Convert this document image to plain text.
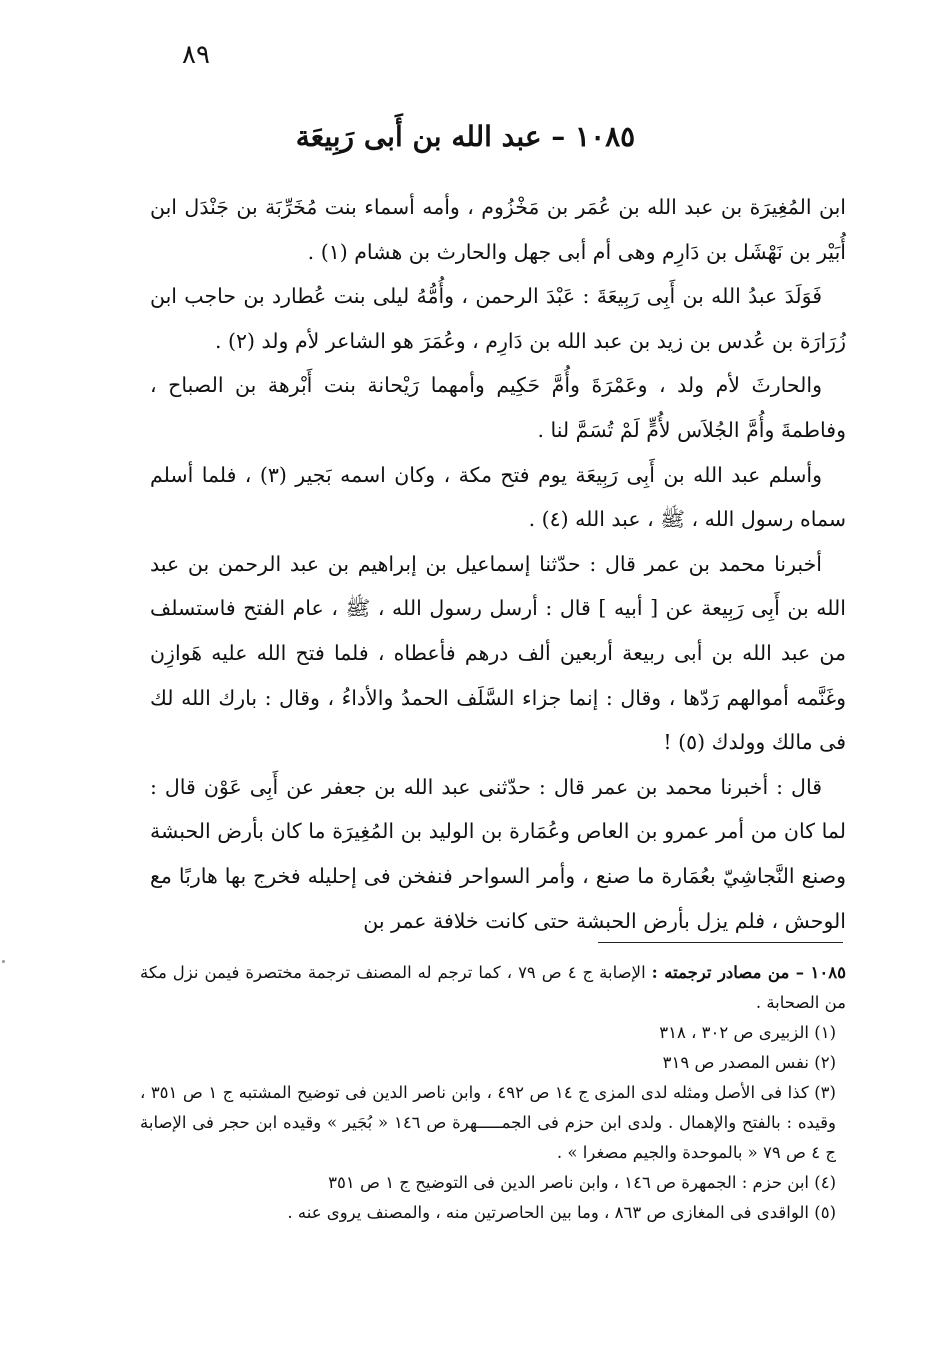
٨٩
١٠٨٥ – عبد الله بن أَبى رَبِيعَة

ابن المُغِيرَة بن عبد الله بن عُمَر بن مَخْزُوم ، وأمه أسماء بنت مُخَرِّبَة بن جَنْدَل ابن أُبَيْر بن نَهْشَل بن دَارِم وهى أم أبى جهل والحارث بن هشام (١) .

فَوَلَدَ عبدُ الله بن أَبِى رَبِيعَةَ : عَبْدَ الرحمن ، وأُمُّهُ ليلى بنت عُطارد بن حاجب ابن زُرَارَة بن عُدس بن زيد بن عبد الله بن دَارِم ، وعُمَرَ هو الشاعر لأم ولد (٢) .

والحارثَ لأم ولد ، وعَمْرَةَ وأُمَّ حَكِيم وأمهما رَيْحانة بنت أَبْرهة بن الصباح ، وفاطمةَ وأُمَّ الجُلاَس لأُمٍّ لَمْ تُسَمَّ لنا .

وأسلم عبد الله بن أَبِى رَبِيعَة يوم فتح مكة ، وكان اسمه بَجير (٣) ، فلما أسلم سماه رسول الله ، ﷺ ، عبد الله (٤) .

أخبرنا محمد بن عمر قال : حدّثنا إسماعيل بن إبراهيم بن عبد الرحمن بن عبد الله بن أَبِى رَبِيعة عن [ أبيه ] قال : أرسل رسول الله ، ﷺ ، عام الفتح فاستسلف من عبد الله بن أبى ربيعة أربعين ألف درهم فأعطاه ، فلما فتح الله عليه هَوازِن وغَنَّمه أموالهم رَدّها ، وقال : إنما جزاء السَّلَف الحمدُ والأداءُ ، وقال : بارك الله لك فى مالك وولدك (٥) !

قال : أخبرنا محمد بن عمر قال : حدّثنى عبد الله بن جعفر عن أَبِى عَوْن قال : لما كان من أمر عمرو بن العاص وعُمَارة بن الوليد بن المُغِيرَة ما كان بأرض الحبشة وصنع النَّجاشِيّ بعُمَارة ما صنع ، وأمر السواحر فنفخن فى إحليله فخرج بها هاربًا مع الوحش ، فلم يزل بأرض الحبشة حتى كانت خلافة عمر بن

١٠٨٥ – من مصادر ترجمته : الإصابة ج ٤ ص ٧٩ ، كما ترجم له المصنف ترجمة مختصرة فيمن نزل مكة من الصحابة .

(١) الزبيرى ص ٣٠٢ ، ٣١٨

(٢) نفس المصدر ص ٣١٩

(٣) كذا فى الأصل ومثله لدى المزى ج ١٤ ص ٤٩٢ ، وابن ناصر الدين فى توضيح المشتبه ج ١ ص ٣٥١ ، وقيده : بالفتح والإهمال . ولدى ابن حزم فى الجمـــــهرة ص ١٤٦ « بُجَير » وقيده ابن حجر فى الإصابة ج ٤ ص ٧٩ « بالموحدة والجيم مصغرا » .

(٤) ابن حزم : الجمهرة ص ١٤٦ ، وابن ناصر الدين فى التوضيح ج ١ ص ٣٥١

(٥) الواقدى فى المغازى ص ٨٦٣ ، وما بين الحاصرتين منه ، والمصنف يروى عنه .
